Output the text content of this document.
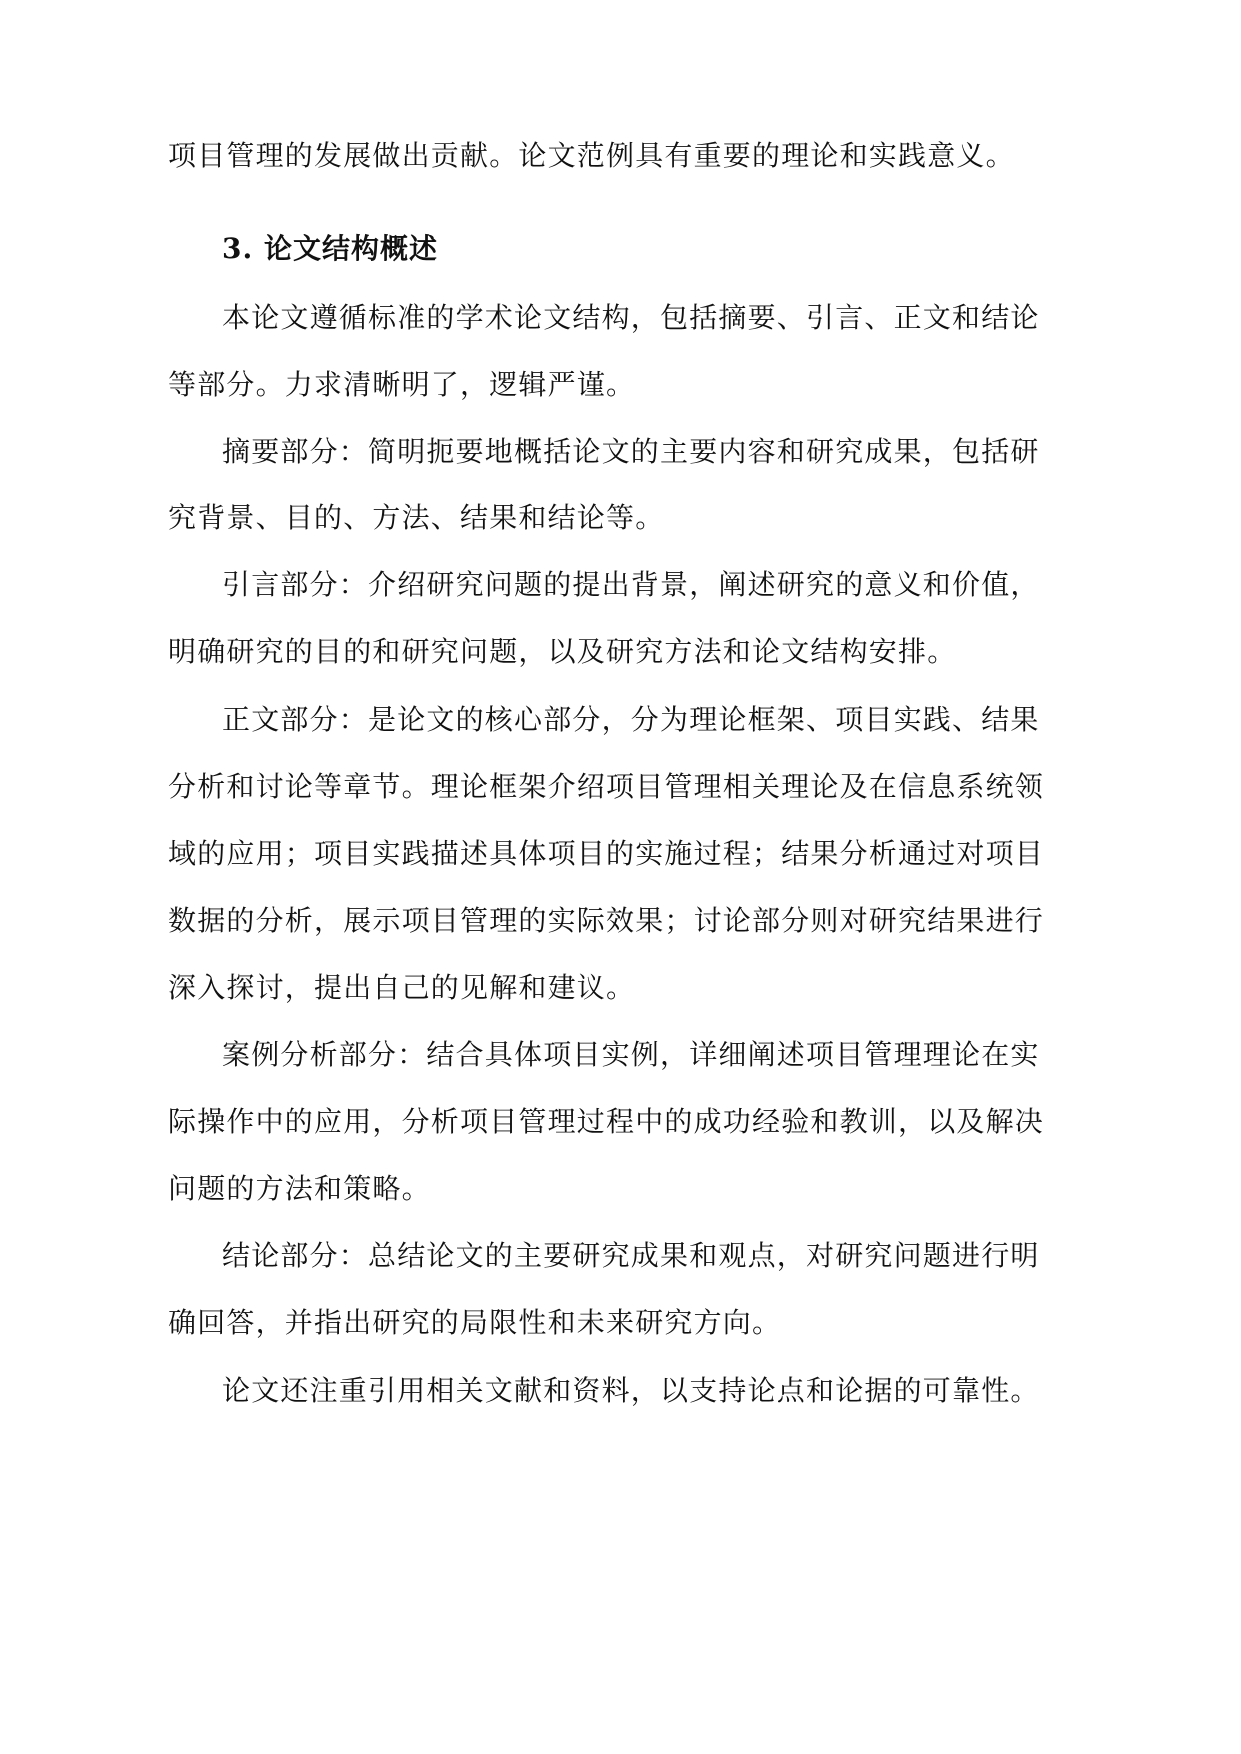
项目管理的发展做出贡献。论文范例具有重要的理论和实践意义。
3. 论文结构概述
本论文遵循标准的学术论文结构，包括摘要、引言、正文和结论
等部分。力求清晰明了，逻辑严谨。
摘要部分：简明扼要地概括论文的主要内容和研究成果，包括研
究背景、目的、方法、结果和结论等。
引言部分：介绍研究问题的提出背景，阐述研究的意义和价值，
明确研究的目的和研究问题，以及研究方法和论文结构安排。
正文部分：是论文的核心部分，分为理论框架、项目实践、结果
分析和讨论等章节。理论框架介绍项目管理相关理论及在信息系统领
域的应用；项目实践描述具体项目的实施过程；结果分析通过对项目
数据的分析，展示项目管理的实际效果；讨论部分则对研究结果进行
深入探讨，提出自己的见解和建议。
案例分析部分：结合具体项目实例，详细阐述项目管理理论在实
际操作中的应用，分析项目管理过程中的成功经验和教训，以及解决
问题的方法和策略。
结论部分：总结论文的主要研究成果和观点，对研究问题进行明
确回答，并指出研究的局限性和未来研究方向。
论文还注重引用相关文献和资料，以支持论点和论据的可靠性。
